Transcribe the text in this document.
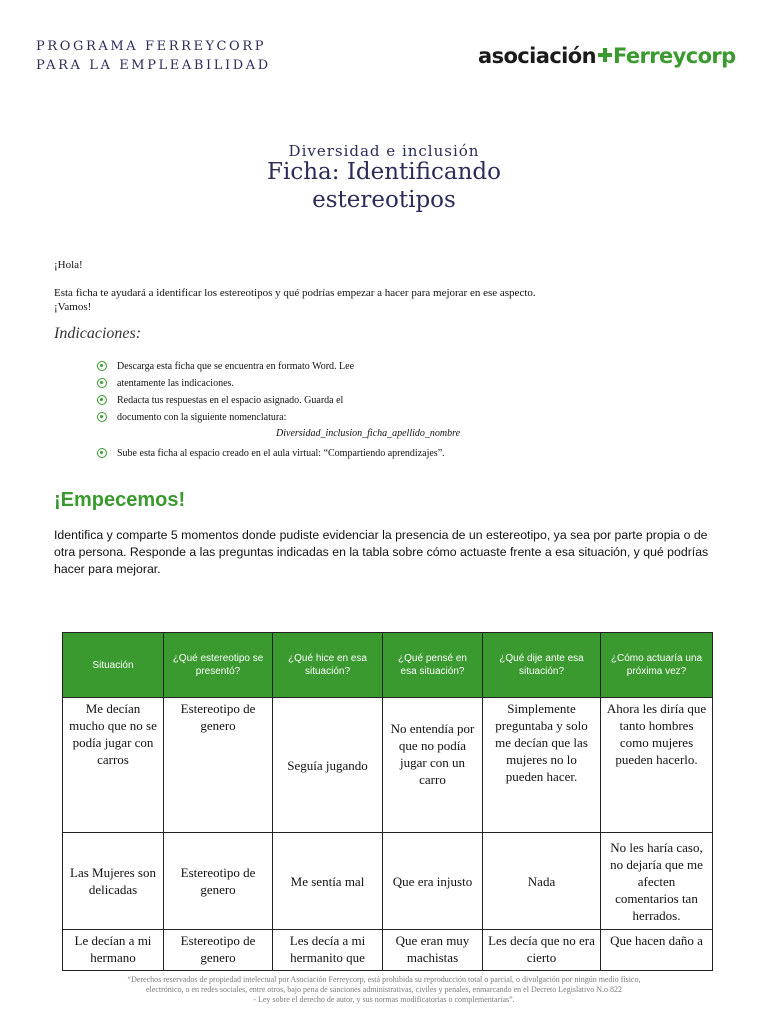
PROGRAMA FERREYCORP
PARA LA EMPLEABILIDAD	asociación Ferreycorp
Diversidad e inclusión
Ficha: Identificando
estereotipos
¡Hola!
Esta ficha te ayudará a identificar los estereotipos y qué podrías empezar a hacer para mejorar en ese aspecto.
¡Vamos!
Indicaciones:
Descarga esta ficha que se encuentra en formato Word. Lee
atentamente las indicaciones.
Redacta tus respuestas en el espacio asignado. Guarda el
documento con la siguiente nomenclatura:
Diversidad_inclusion_ficha_apellido_nombre
Sube esta ficha al espacio creado en el aula virtual: “Compartiendo aprendizajes”.
¡Empecemos!
Identifica y comparte 5 momentos donde pudiste evidenciar la presencia de un estereotipo, ya sea por parte propia o de otra persona. Responde a las preguntas indicadas en la tabla sobre cómo actuaste frente a esa situación, y qué podrías hacer para mejorar.
Situación	¿Qué estereotipo se presentó?	¿Qué hice en esa situación?	¿Qué pensé en esa situación?	¿Qué dije ante esa situación?	¿Cómo actuaría una próxima vez?
Me decían mucho que no se podía jugar con carros	Estereotipo de genero	Seguía jugando	No entendía por que no podía jugar con un carro	Simplemente preguntaba y solo me decían que las mujeres no lo pueden hacer.	Ahora les diría que tanto hombres como mujeres pueden hacerlo.
Las Mujeres son delicadas	Estereotipo de genero	Me sentía mal	Que era injusto	Nada	No les haría caso, no dejaría que me afecten comentarios tan herrados.
Le decían a mi hermano	Estereotipo de genero	Les decía a mi hermanito que	Que eran muy machistas	Les decía que no era cierto	Que hacen daño a
“Derechos reservados de propiedad intelectual por Asociación Ferreycorp, está prohibida su reproducción total o parcial, o divulgación por ningún medio físico,
electrónico, o en redes sociales, entre otros, bajo pena de sanciones administrativas, civiles y penales, enmarcando en el Decreto Legislativo N.o 822
- Ley sobre el derecho de autor, y sus normas modificatorias o complementarias”.
